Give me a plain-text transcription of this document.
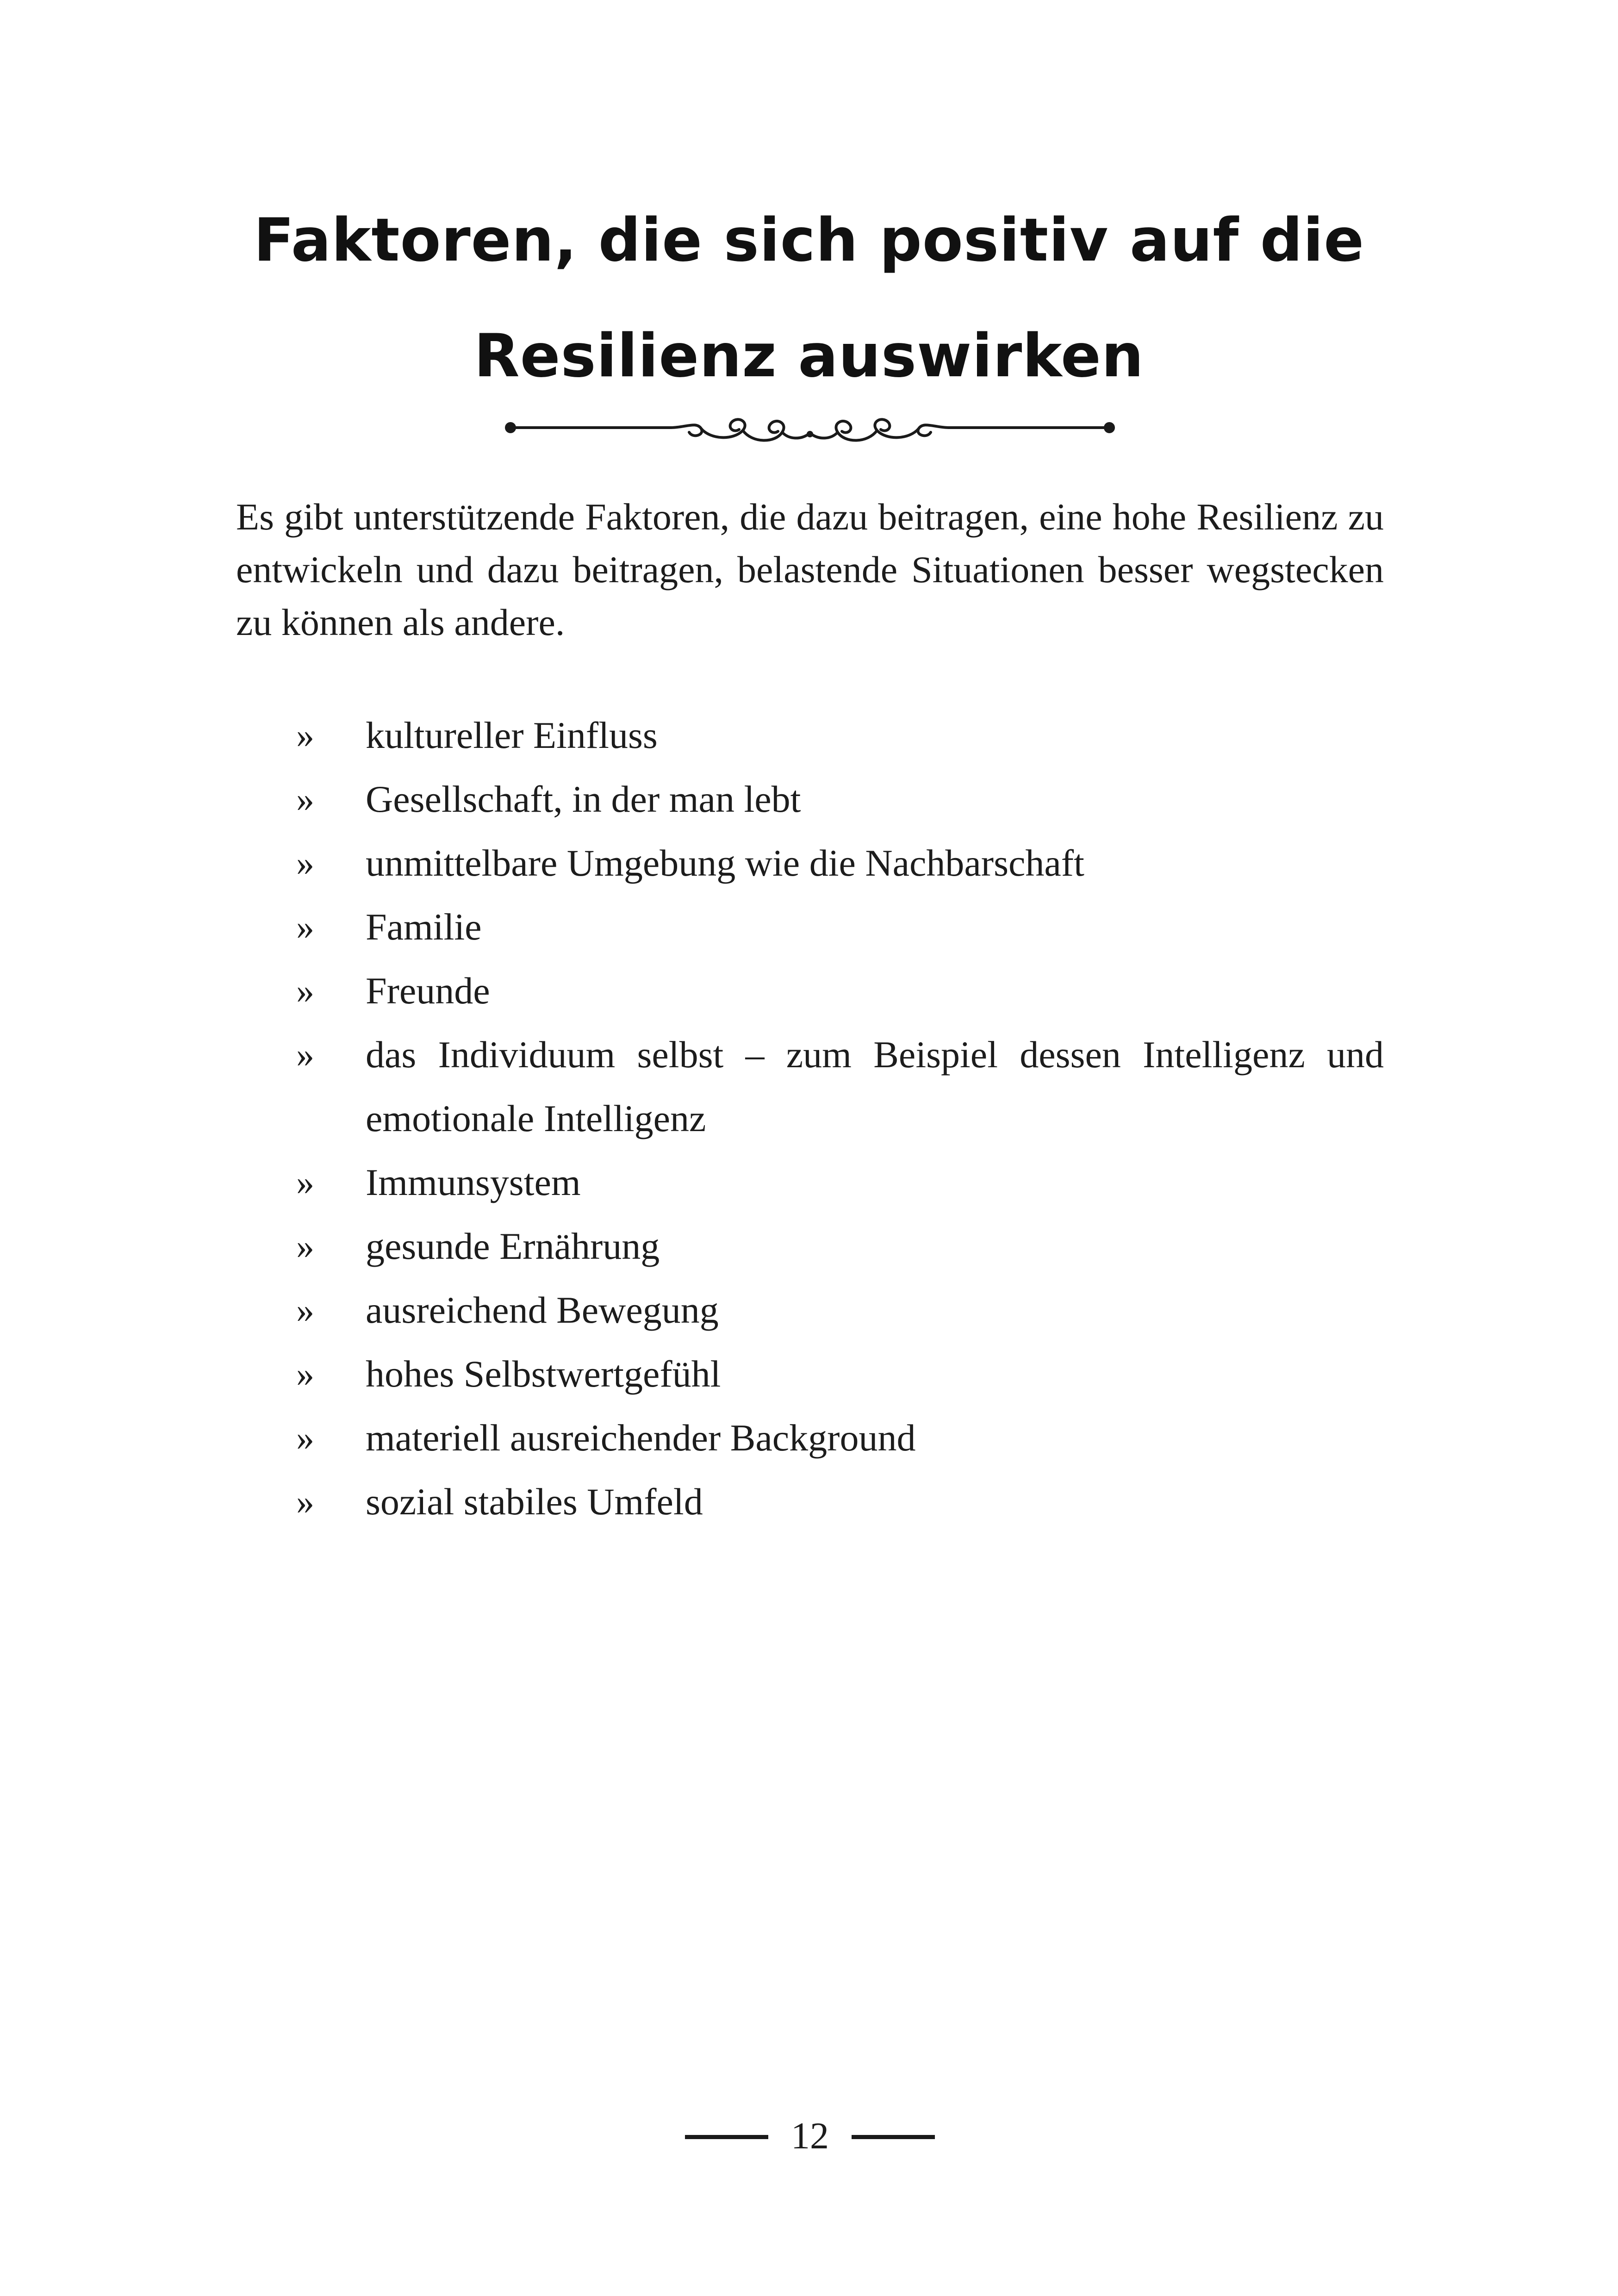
Faktoren, die sich positiv auf die
Resilienz auswirken

Es gibt unterstützende Faktoren, die dazu beitragen, eine hohe Resilienz zu entwickeln und dazu beitragen, belastende Situationen besser wegstecken zu können als andere.

» kultureller Einfluss
» Gesellschaft, in der man lebt
» unmittelbare Umgebung wie die Nachbarschaft
» Familie
» Freunde
» das Individuum selbst – zum Beispiel dessen Intelligenz und emotionale Intelligenz
» Immunsystem
» gesunde Ernährung
» ausreichend Bewegung
» hohes Selbstwertgefühl
» materiell ausreichender Background
» sozial stabiles Umfeld
12
